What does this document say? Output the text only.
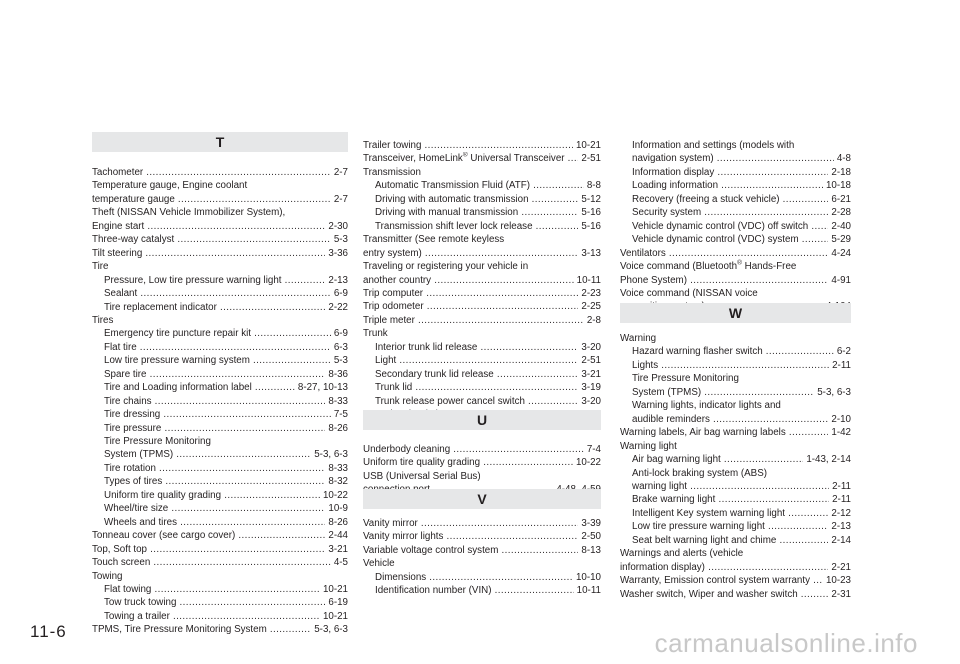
T
Tachometer .....	2-7
Temperature gauge, Engine coolant
temperature gauge .....	2-7
Theft (NISSAN Vehicle Immobilizer System),
Engine start .....	2-30
Three-way catalyst .....	5-3
Tilt steering .....	3-36
Tire
Pressure, Low tire pressure warning light .....	2-13
Sealant .....	6-9
Tire replacement indicator .....	2-22
Tires
Emergency tire puncture repair kit .....	6-9
Flat tire .....	6-3
Low tire pressure warning system .....	5-3
Spare tire .....	8-36
Tire and Loading information label .....	8-27, 10-13
Tire chains .....	8-33
Tire dressing .....	7-5
Tire pressure .....	8-26
Tire Pressure Monitoring
System (TPMS) .....	5-3, 6-3
Tire rotation .....	8-33
Types of tires .....	8-32
Uniform tire quality grading .....	10-22
Wheel/tire size .....	10-9
Wheels and tires .....	8-26
Tonneau cover (see cargo cover) .....	2-44
Top, Soft top .....	3-21
Touch screen .....	4-5
Towing
Flat towing .....	10-21
Tow truck towing .....	6-19
Towing a trailer .....	10-21
TPMS, Tire Pressure Monitoring System .....	5-3, 6-3
Trailer towing .....	10-21
Transceiver, HomeLink® Universal Transceiver .....	2-51
Transmission
Automatic Transmission Fluid (ATF) .....	8-8
Driving with automatic transmission .....	5-12
Driving with manual transmission .....	5-16
Transmission shift lever lock release .....	5-16
Transmitter (See remote keyless
entry system) .....	3-13
Traveling or registering your vehicle in
another country .....	10-11
Trip computer .....	2-23
Trip odometer .....	2-25
Triple meter .....	2-8
Trunk
Interior trunk lid release .....	3-20
Light .....	2-51
Secondary trunk lid release .....	3-21
Trunk lid .....	3-19
Trunk release power cancel switch .....	3-20
.....
U
Underbody cleaning .....	7-4
Uniform tire quality grading .....	10-22
USB (Universal Serial Bus)
.....
V
Vanity mirror .....	3-39
Vanity mirror lights .....	2-50
Variable voltage control system .....	8-13
Vehicle
Dimensions .....	10-10
Identification number (VIN) .....	10-11
Information and settings (models with
navigation system) .....	4-8
Information display .....	2-18
Loading information .....	10-18
Recovery (freeing a stuck vehicle) .....	6-21
Security system .....	2-28
Vehicle dynamic control (VDC) off switch .....	2-40
Vehicle dynamic control (VDC) system .....	5-29
Ventilators .....	4-24
Voice command (Bluetooth® Hands-Free
Phone System) .....	4-91
Voice command (NISSAN voice
.....
.....
W
Warning
Hazard warning flasher switch .....	6-2
Lights .....	2-11
Tire Pressure Monitoring
System (TPMS) .....	5-3, 6-3
Warning lights, indicator lights and
audible reminders .....	2-10
Warning labels, Air bag warning labels .....	1-42
Warning light
Air bag warning light .....	1-43, 2-14
Anti-lock braking system (ABS)
warning light .....	2-11
Brake warning light .....	2-11
Intelligent Key system warning light .....	2-12
Low tire pressure warning light .....	2-13
Seat belt warning light and chime .....	2-14
Warnings and alerts (vehicle
information display) .....	2-21
Warranty, Emission control system warranty .....	10-23
Washer switch, Wiper and washer switch .....	2-31
11-6	carmanualsonline.info
